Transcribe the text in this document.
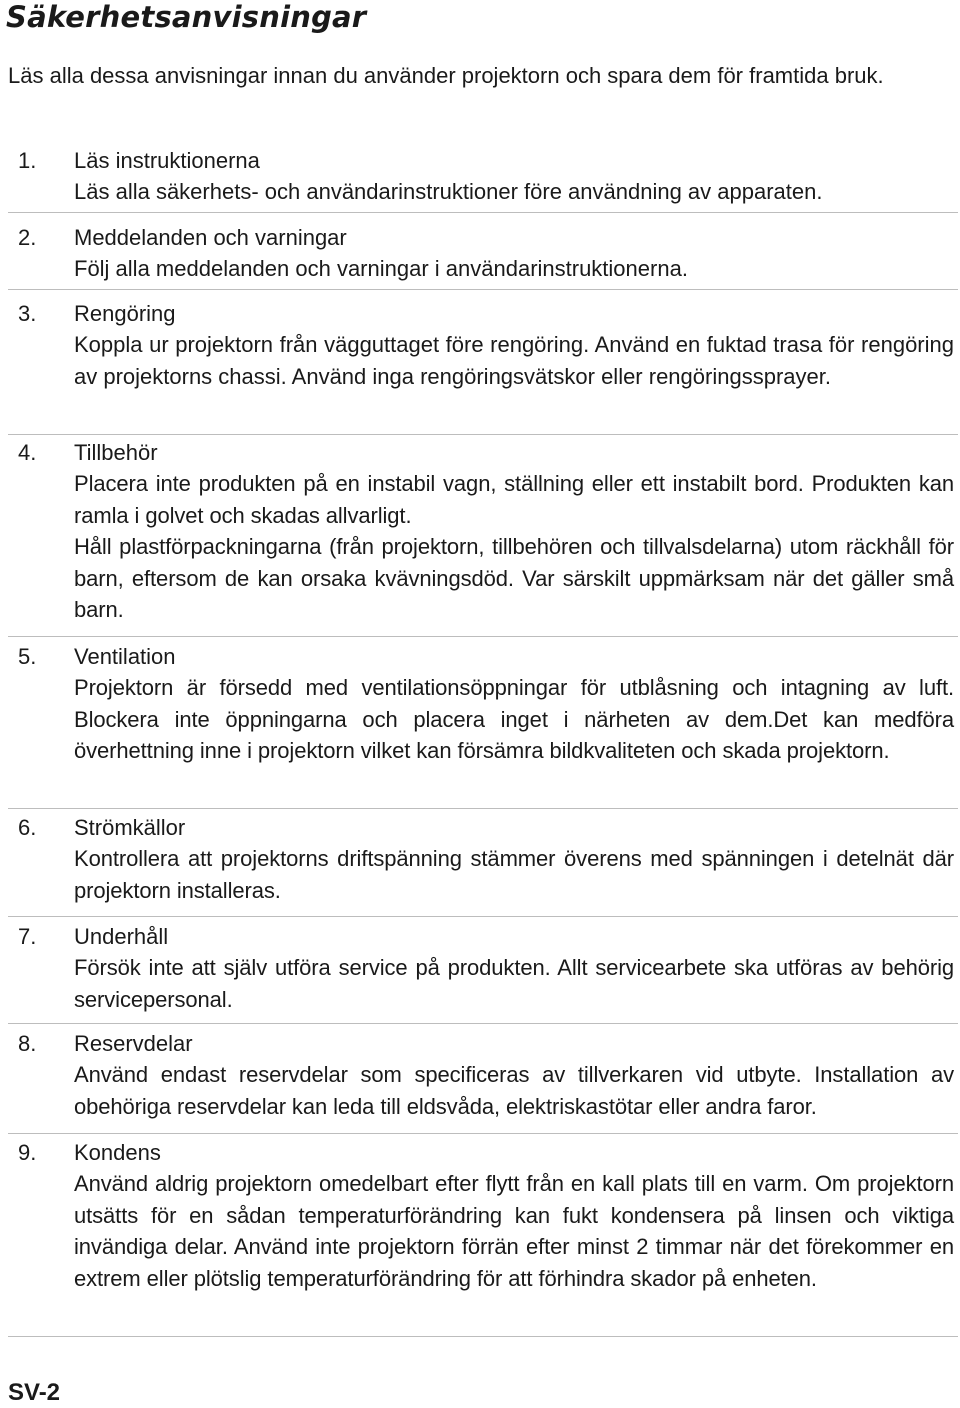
Säkerhetsanvisningar

Läs alla dessa anvisningar innan du använder projektorn och spara dem för framtida bruk.

1.	Läs instruktionerna

Läs alla säkerhets- och användarinstruktioner före användning av apparaten.

2.	Meddelanden och varningar

Följ alla meddelanden och varningar i användarinstruktionerna.

3.	Rengöring

Koppla ur projektorn från vägguttaget före rengöring. Använd en fuktad trasa för rengöring av projektorns chassi. Använd inga rengöringsvätskor eller rengöringssprayer.

4.	Tillbehör

Placera inte produkten på en instabil vagn, ställning eller ett instabilt bord. Produkten kan ramla i golvet och skadas allvarligt.

Håll plastförpackningarna (från projektorn, tillbehören och tillvalsdelarna) utom räckhåll för barn, eftersom de kan orsaka kvävningsdöd. Var särskilt uppmärksam när det gäller små barn.

5.	Ventilation

Projektorn är försedd med ventilationsöppningar för utblåsning och intagning av luft. Blockera inte öppningarna och placera inget i närheten av dem.Det kan medföra överhettning inne i projektorn vilket kan försämra bildkvaliteten och skada projektorn.

6.	Strömkällor

Kontrollera att projektorns driftspänning stämmer överens med spänningen i detelnät där projektorn installeras.

7.	Underhåll

Försök inte att själv utföra service på produkten. Allt servicearbete ska utföras av behörig servicepersonal.

8.	Reservdelar

Använd endast reservdelar som specificeras av tillverkaren vid utbyte. Installation av obehöriga reservdelar kan leda till eldsvåda, elektriskastötar eller andra faror.

9.	Kondens

Använd aldrig projektorn omedelbart efter flytt från en kall plats till en varm. Om projektorn utsätts för en sådan temperaturförändring kan fukt kondensera på linsen och viktiga invändiga delar. Använd inte projektorn förrän efter minst 2 timmar när det förekommer en extrem eller plötslig temperaturförändring för att förhindra skador på enheten.

SV-2
